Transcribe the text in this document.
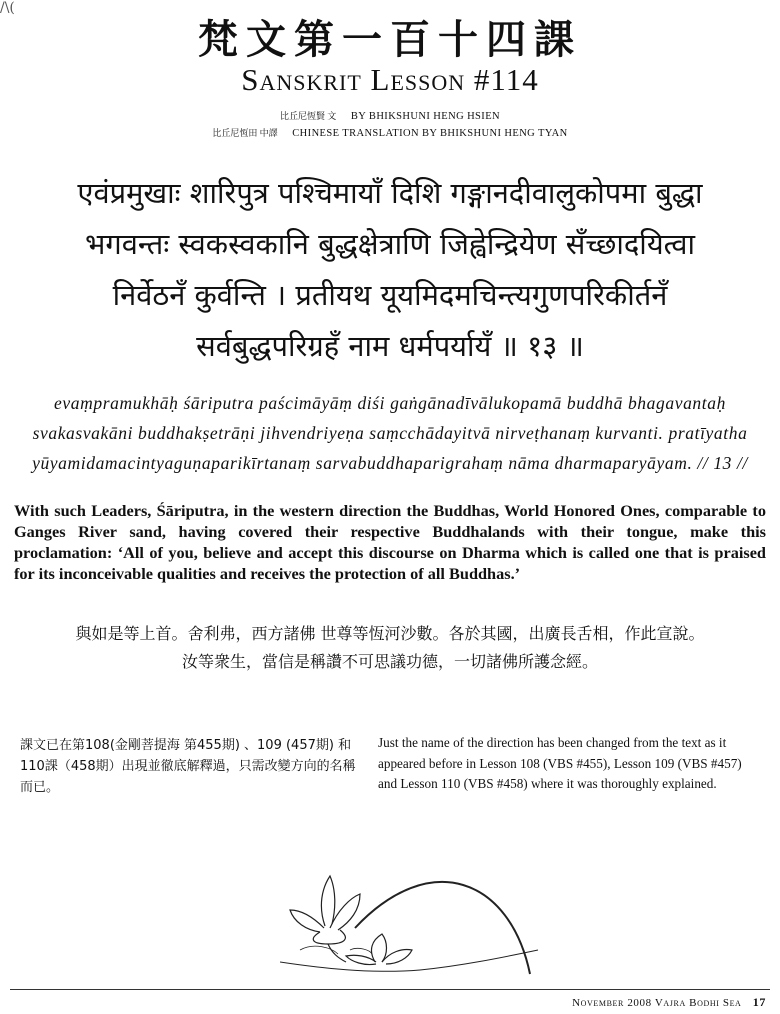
/\(
梵文第一百十四課
Sanskrit Lesson #114
比丘尼恆賢 文 BY BHIKSHUNI HENG HSIEN
比丘尼恆田 中譯 CHINESE TRANSLATION BY BHIKSHUNI HENG TYAN
एवंप्रमुखाः शारिपुत्र पश्चिमायाँ दिशि गङ्गानदीवालुकोपमा बुद्धा
भगवन्तः स्वकस्वकानि बुद्धक्षेत्राणि जिह्वेन्द्रियेण सँच्छादयित्वा
निर्वेठनँ कुर्वन्ति । प्रतीयथ यूयमिदमचिन्त्यगुणपरिकीर्तनँ
सर्वबुद्धपरिग्रहँ नाम धर्मपर्यायँ ॥ १३ ॥
evaṃpramukhāḥ śāriputra paścimāyāṃ diśi gaṅgānadīvālukopamā buddhā bhagavantaḥ
svakasvakāni buddhakṣetrāṇi jihvendriyeṇa saṃcchādayitvā nirveṭhanaṃ kurvanti. pratīyatha
yūyamidamacintyaguṇaparikīrtanaṃ sarvabuddhaparigrahaṃ nāma dharmaparyāyam. // 13 //
With such Leaders, Śāriputra, in the western direction the Buddhas, World Honored Ones, comparable to Ganges River sand, having covered their respective Buddhalands with their tongue, make this proclamation: ‘All of you, believe and accept this discourse on Dharma which is called one that is praised for its inconceivable qualities and receives the protection of all Buddhas.’
與如是等上首。舍利弗，西方諸佛 世尊等恆河沙數。各於其國，出廣長舌相，作此宣說。
汝等衆生，當信是稱讚不可思議功德，一切諸佛所護念經。
課文已在第108(金剛菩提海 第455期) 、109 (457期) 和110課（458期）出現並徹底解釋過，只需改變方向的名稱而已。
Just the name of the direction has been changed from the text as it appeared before in Lesson 108 (VBS #455), Lesson 109 (VBS #457) and Lesson 110 (VBS #458) where it was thoroughly explained.
November 2008 Vajra Bodhi Sea 17
